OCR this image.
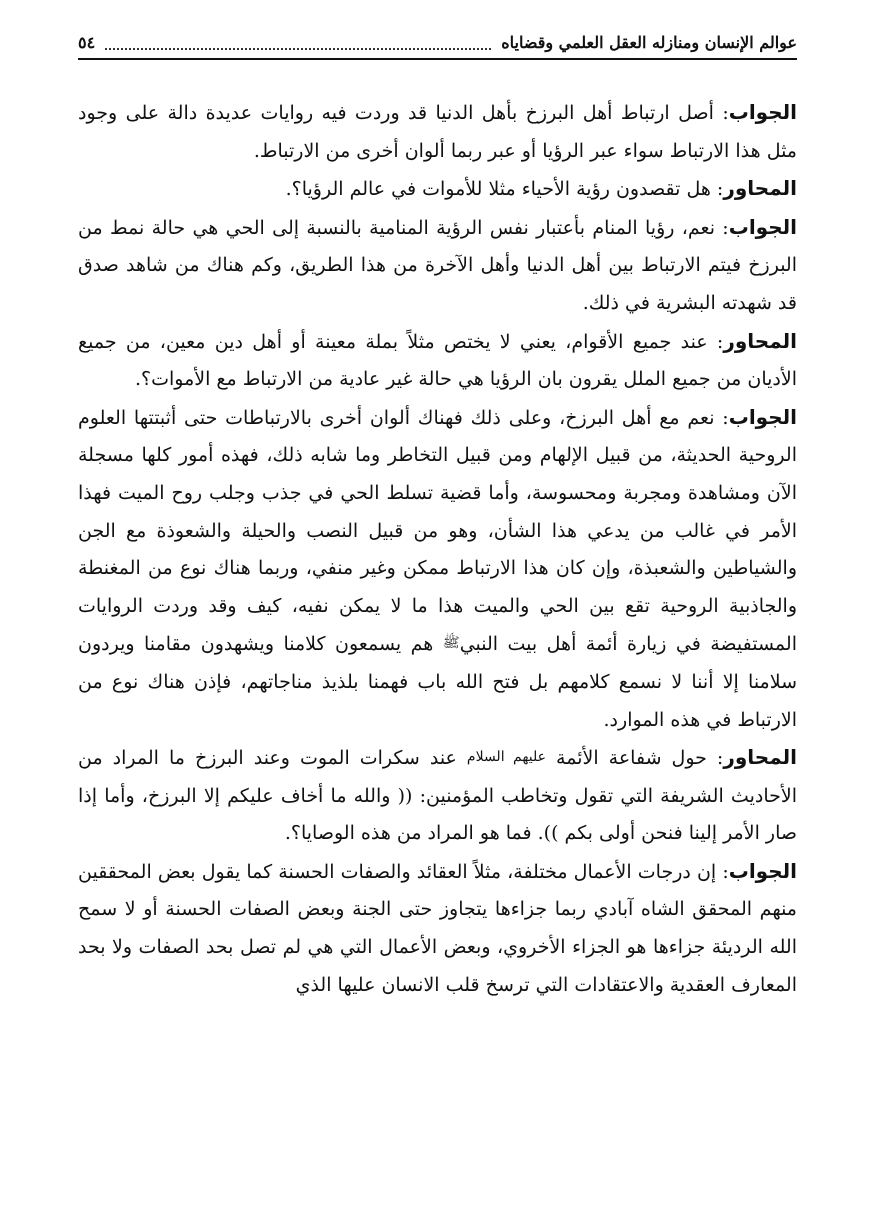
عوالم الإنسان ومنازله العقل العلمي وقضاياه
٥٤

الجواب: أصل ارتباط أهل البرزخ بأهل الدنيا قد وردت فيه روايات عديدة دالة على وجود مثل هذا الارتباط سواء عبر الرؤيا أو عبر ربما ألوان أخرى من الارتباط.

المحاور: هل تقصدون رؤية الأحياء مثلا للأموات في عالم الرؤيا؟.

الجواب: نعم، رؤيا المنام بأعتبار نفس الرؤية المنامية بالنسبة إلى الحي هي حالة نمط من البرزخ فيتم الارتباط بين أهل الدنيا وأهل الآخرة من هذا الطريق، وكم هناك من شاهد صدق قد شهدته البشرية في ذلك.

المحاور: عند جميع الأقوام، يعني لا يختص مثلاً بملة معينة أو أهل دين معين، من جميع الأديان من جميع الملل يقرون بان الرؤيا هي حالة غير عادية من الارتباط مع الأموات؟.

الجواب: نعم مع أهل البرزخ، وعلى ذلك فهناك ألوان أخرى بالارتباطات حتى أثبتتها العلوم الروحية الحديثة، من قبيل الإلهام ومن قبيل التخاطر وما شابه ذلك، فهذه أمور كلها مسجلة الآن ومشاهدة ومجربة ومحسوسة، وأما قضية تسلط الحي في جذب وجلب روح الميت فهذا الأمر في غالب من يدعي هذا الشأن، وهو من قبيل النصب والحيلة والشعوذة مع الجن والشياطين والشعبذة، وإن كان هذا الارتباط ممكن وغير منفي، وربما هناك نوع من المغنطة والجاذبية الروحية تقع بين الحي والميت هذا ما لا يمكن نفيه، كيف وقد وردت الروايات المستفيضة في زيارة أئمة أهل بيت النبيﷺ هم يسمعون كلامنا ويشهدون مقامنا ويردون سلامنا إلا أننا لا نسمع كلامهم بل فتح الله باب فهمنا بلذيذ مناجاتهم، فإذن هناك نوع من الارتباط في هذه الموارد.

المحاور: حول شفاعة الأئمة عليهم السلام عند سكرات الموت وعند البرزخ ما المراد من الأحاديث الشريفة التي تقول وتخاطب المؤمنين: (( والله ما أخاف عليكم إلا البرزخ، وأما إذا صار الأمر إلينا فنحن أولى بكم )). فما هو المراد من هذه الوصايا؟.

الجواب: إن درجات الأعمال مختلفة، مثلاً العقائد والصفات الحسنة كما يقول بعض المحققين منهم المحقق الشاه آبادي ربما جزاءها يتجاوز حتى الجنة وبعض الصفات الحسنة أو لا سمح الله الرديئة جزاءها هو الجزاء الأخروي، وبعض الأعمال التي هي لم تصل بحد الصفات ولا بحد المعارف العقدية والاعتقادات التي ترسخ قلب الانسان عليها الذي
